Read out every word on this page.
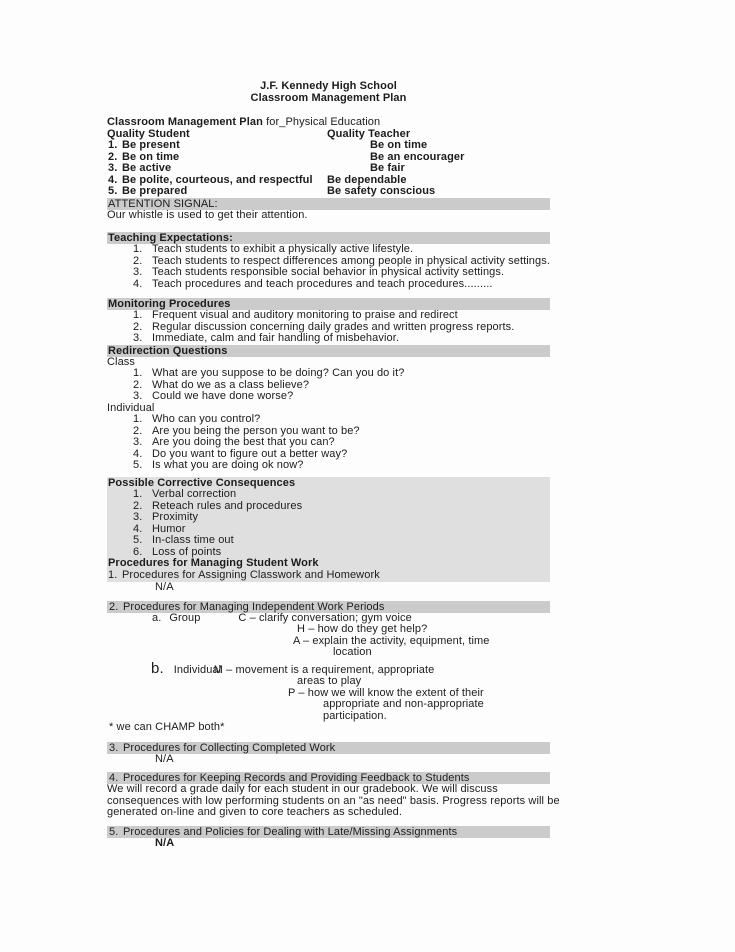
J.F. Kennedy High School
Classroom Management Plan
Classroom Management Plan for_Physical Education
Quality Student	Quality Teacher
1. Be present	Be on time
2. Be on time	Be an encourager
3. Be active	Be fair
4. Be polite, courteous, and respectful	Be dependable
5. Be prepared	Be safety conscious
ATTENTION SIGNAL:
Our whistle is used to get their attention.
Teaching Expectations:
1. Teach students to exhibit a physically active lifestyle.
2. Teach students to respect differences among people in physical activity settings.
3. Teach students responsible social behavior in physical activity settings.
4. Teach procedures and teach procedures and teach procedures.........
Monitoring Procedures
1. Frequent visual and auditory monitoring to praise and redirect
2. Regular discussion concerning daily grades and written progress reports.
3. Immediate, calm and fair handling of misbehavior.
Redirection Questions
Class
1. What are you suppose to be doing? Can you do it?
2. What do we as a class believe?
3. Could we have done worse?
Individual
1. Who can you control?
2. Are you being the person you want to be?
3. Are you doing the best that you can?
4. Do you want to figure out a better way?
5. Is what you are doing ok now?
Possible Corrective Consequences
1. Verbal correction
2. Reteach rules and procedures
3. Proximity
4. Humor
5. In-class time out
6. Loss of points
Procedures for Managing Student Work
1. Procedures for Assigning Classwork and Homework
N/A
2. Procedures for Managing Independent Work Periods
a. Group	C – clarify conversation; gym voice
H – how do they get help?
A – explain the activity, equipment, time
location
b. IndividualM – movement is a requirement, appropriate
areas to play
P – how we will know the extent of their
appropriate and non-appropriate
participation.
* we can CHAMP both*
3. Procedures for Collecting Completed Work
N/A
4. Procedures for Keeping Records and Providing Feedback to Students
We will record a grade daily for each student in our gradebook. We will discuss consequences with low performing students on an "as need" basis. Progress reports will be generated on-line and given to core teachers as scheduled.
5. Procedures and Policies for Dealing with Late/Missing Assignments
N/A
